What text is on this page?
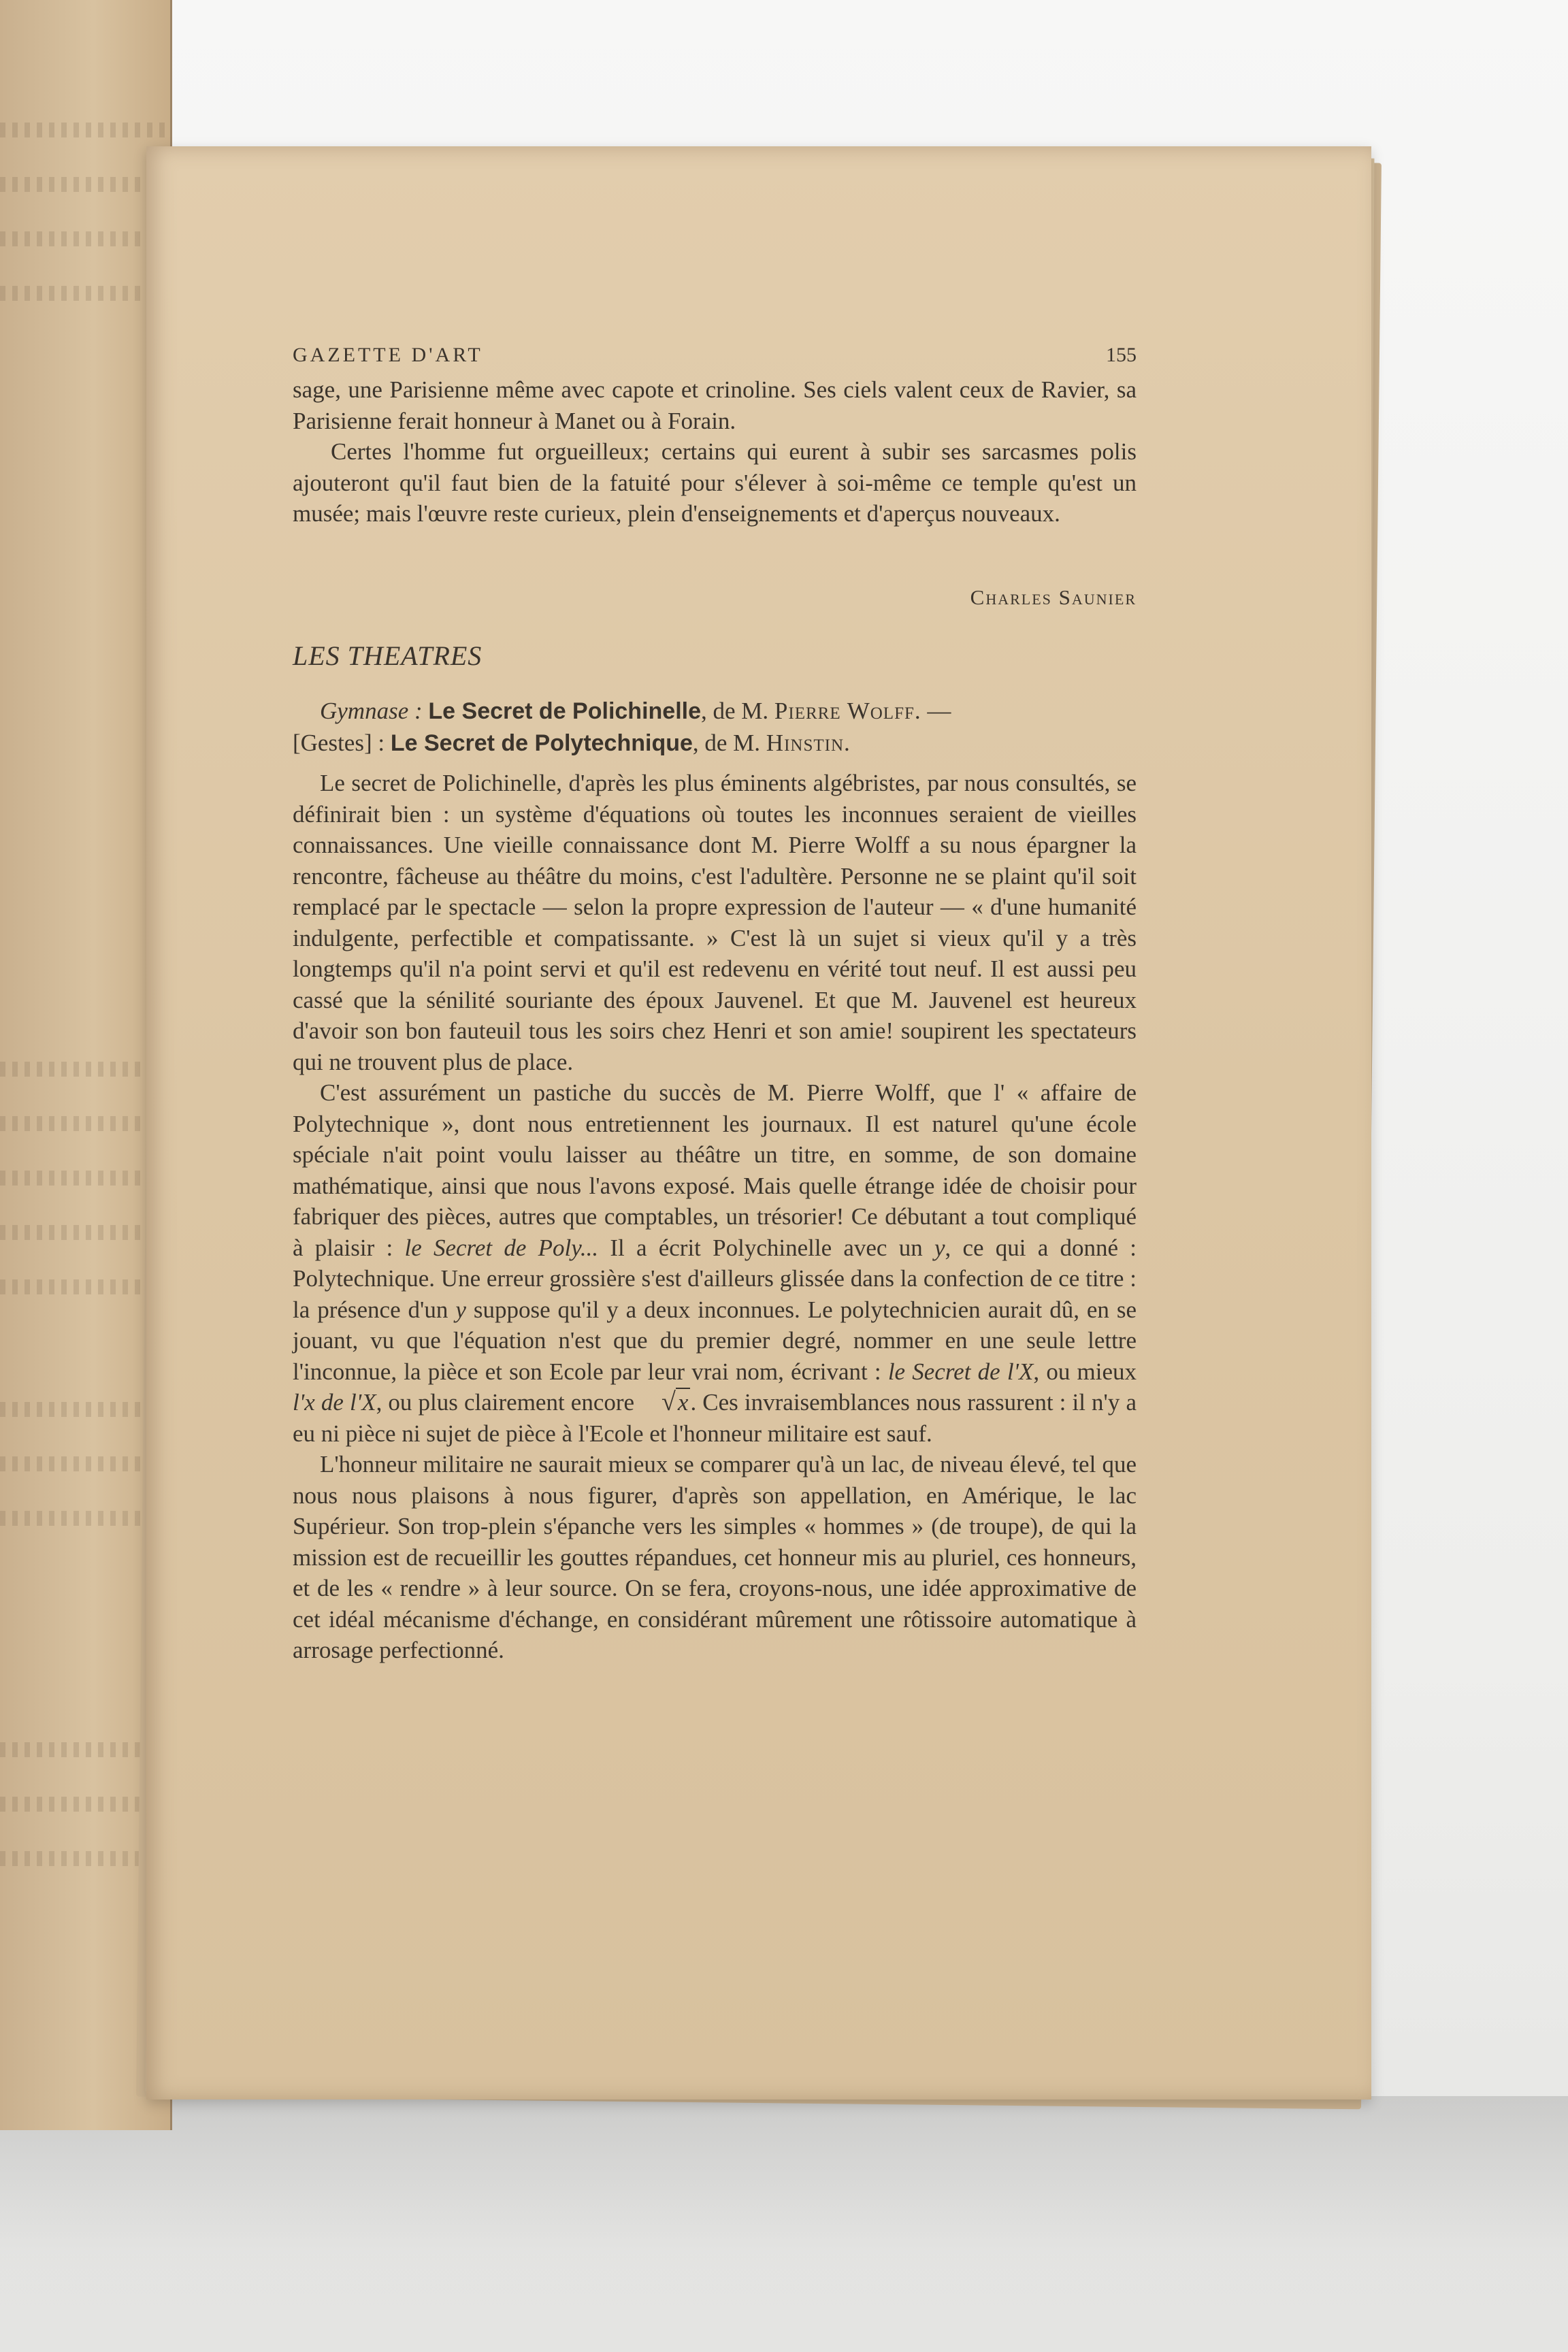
GAZETTE D'ART	155

sage, une Parisienne même avec capote et crinoline. Ses ciels valent ceux de Ravier, sa Parisienne ferait honneur à Manet ou à Forain.

Certes l'homme fut orgueilleux; certains qui eurent à subir ses sarcasmes polis ajouteront qu'il faut bien de la fatuité pour s'élever à soi-même ce temple qu'est un musée; mais l'œuvre reste curieux, plein d'enseignements et d'aperçus nouveaux.

Charles Saunier
LES THEATRES
Gymnase : Le Secret de Polichinelle, de M. Pierre Wolff. —
[Gestes] : Le Secret de Polytechnique, de M. Hinstin.

Le secret de Polichinelle, d'après les plus éminents algébristes, par nous consultés, se définirait bien : un système d'équations où toutes les inconnues seraient de vieilles connaissances. Une vieille connaissance dont M. Pierre Wolff a su nous épargner la rencontre, fâcheuse au théâtre du moins, c'est l'adultère. Personne ne se plaint qu'il soit remplacé par le spectacle — selon la propre expression de l'auteur — « d'une humanité indulgente, perfectible et compatissante. » C'est là un sujet si vieux qu'il y a très longtemps qu'il n'a point servi et qu'il est redevenu en vérité tout neuf. Il est aussi peu cassé que la sénilité souriante des époux Jauvenel. Et que M. Jauvenel est heureux d'avoir son bon fauteuil tous les soirs chez Henri et son amie! soupirent les spectateurs qui ne trouvent plus de place.

C'est assurément un pastiche du succès de M. Pierre Wolff, que l' « affaire de Polytechnique », dont nous entretiennent les journaux. Il est naturel qu'une école spéciale n'ait point voulu laisser au théâtre un titre, en somme, de son domaine mathématique, ainsi que nous l'avons exposé. Mais quelle étrange idée de choisir pour fabriquer des pièces, autres que comptables, un trésorier! Ce débutant a tout compliqué à plaisir : le Secret de Poly... Il a écrit Polychinelle avec un y, ce qui a donné : Polytechnique. Une erreur grossière s'est d'ailleurs glissée dans la confection de ce titre : la présence d'un y suppose qu'il y a deux inconnues. Le polytechnicien aurait dû, en se jouant, vu que l'équation n'est que du premier degré, nommer en une seule lettre l'inconnue, la pièce et son Ecole par leur vrai nom, écrivant : le Secret de l'X, ou mieux l'x de l'X, ou plus clairement encore √x. Ces invraisemblances nous rassurent : il n'y a eu ni pièce ni sujet de pièce à l'Ecole et l'honneur militaire est sauf.

L'honneur militaire ne saurait mieux se comparer qu'à un lac, de niveau élevé, tel que nous nous plaisons à nous figurer, d'après son appellation, en Amérique, le lac Supérieur. Son trop-plein s'épanche vers les simples « hommes » (de troupe), de qui la mission est de recueillir les gouttes répandues, cet honneur mis au pluriel, ces honneurs, et de les « rendre » à leur source. On se fera, croyons-nous, une idée approximative de cet idéal mécanisme d'échange, en considérant mûrement une rôtissoire automatique à arrosage perfectionné.
